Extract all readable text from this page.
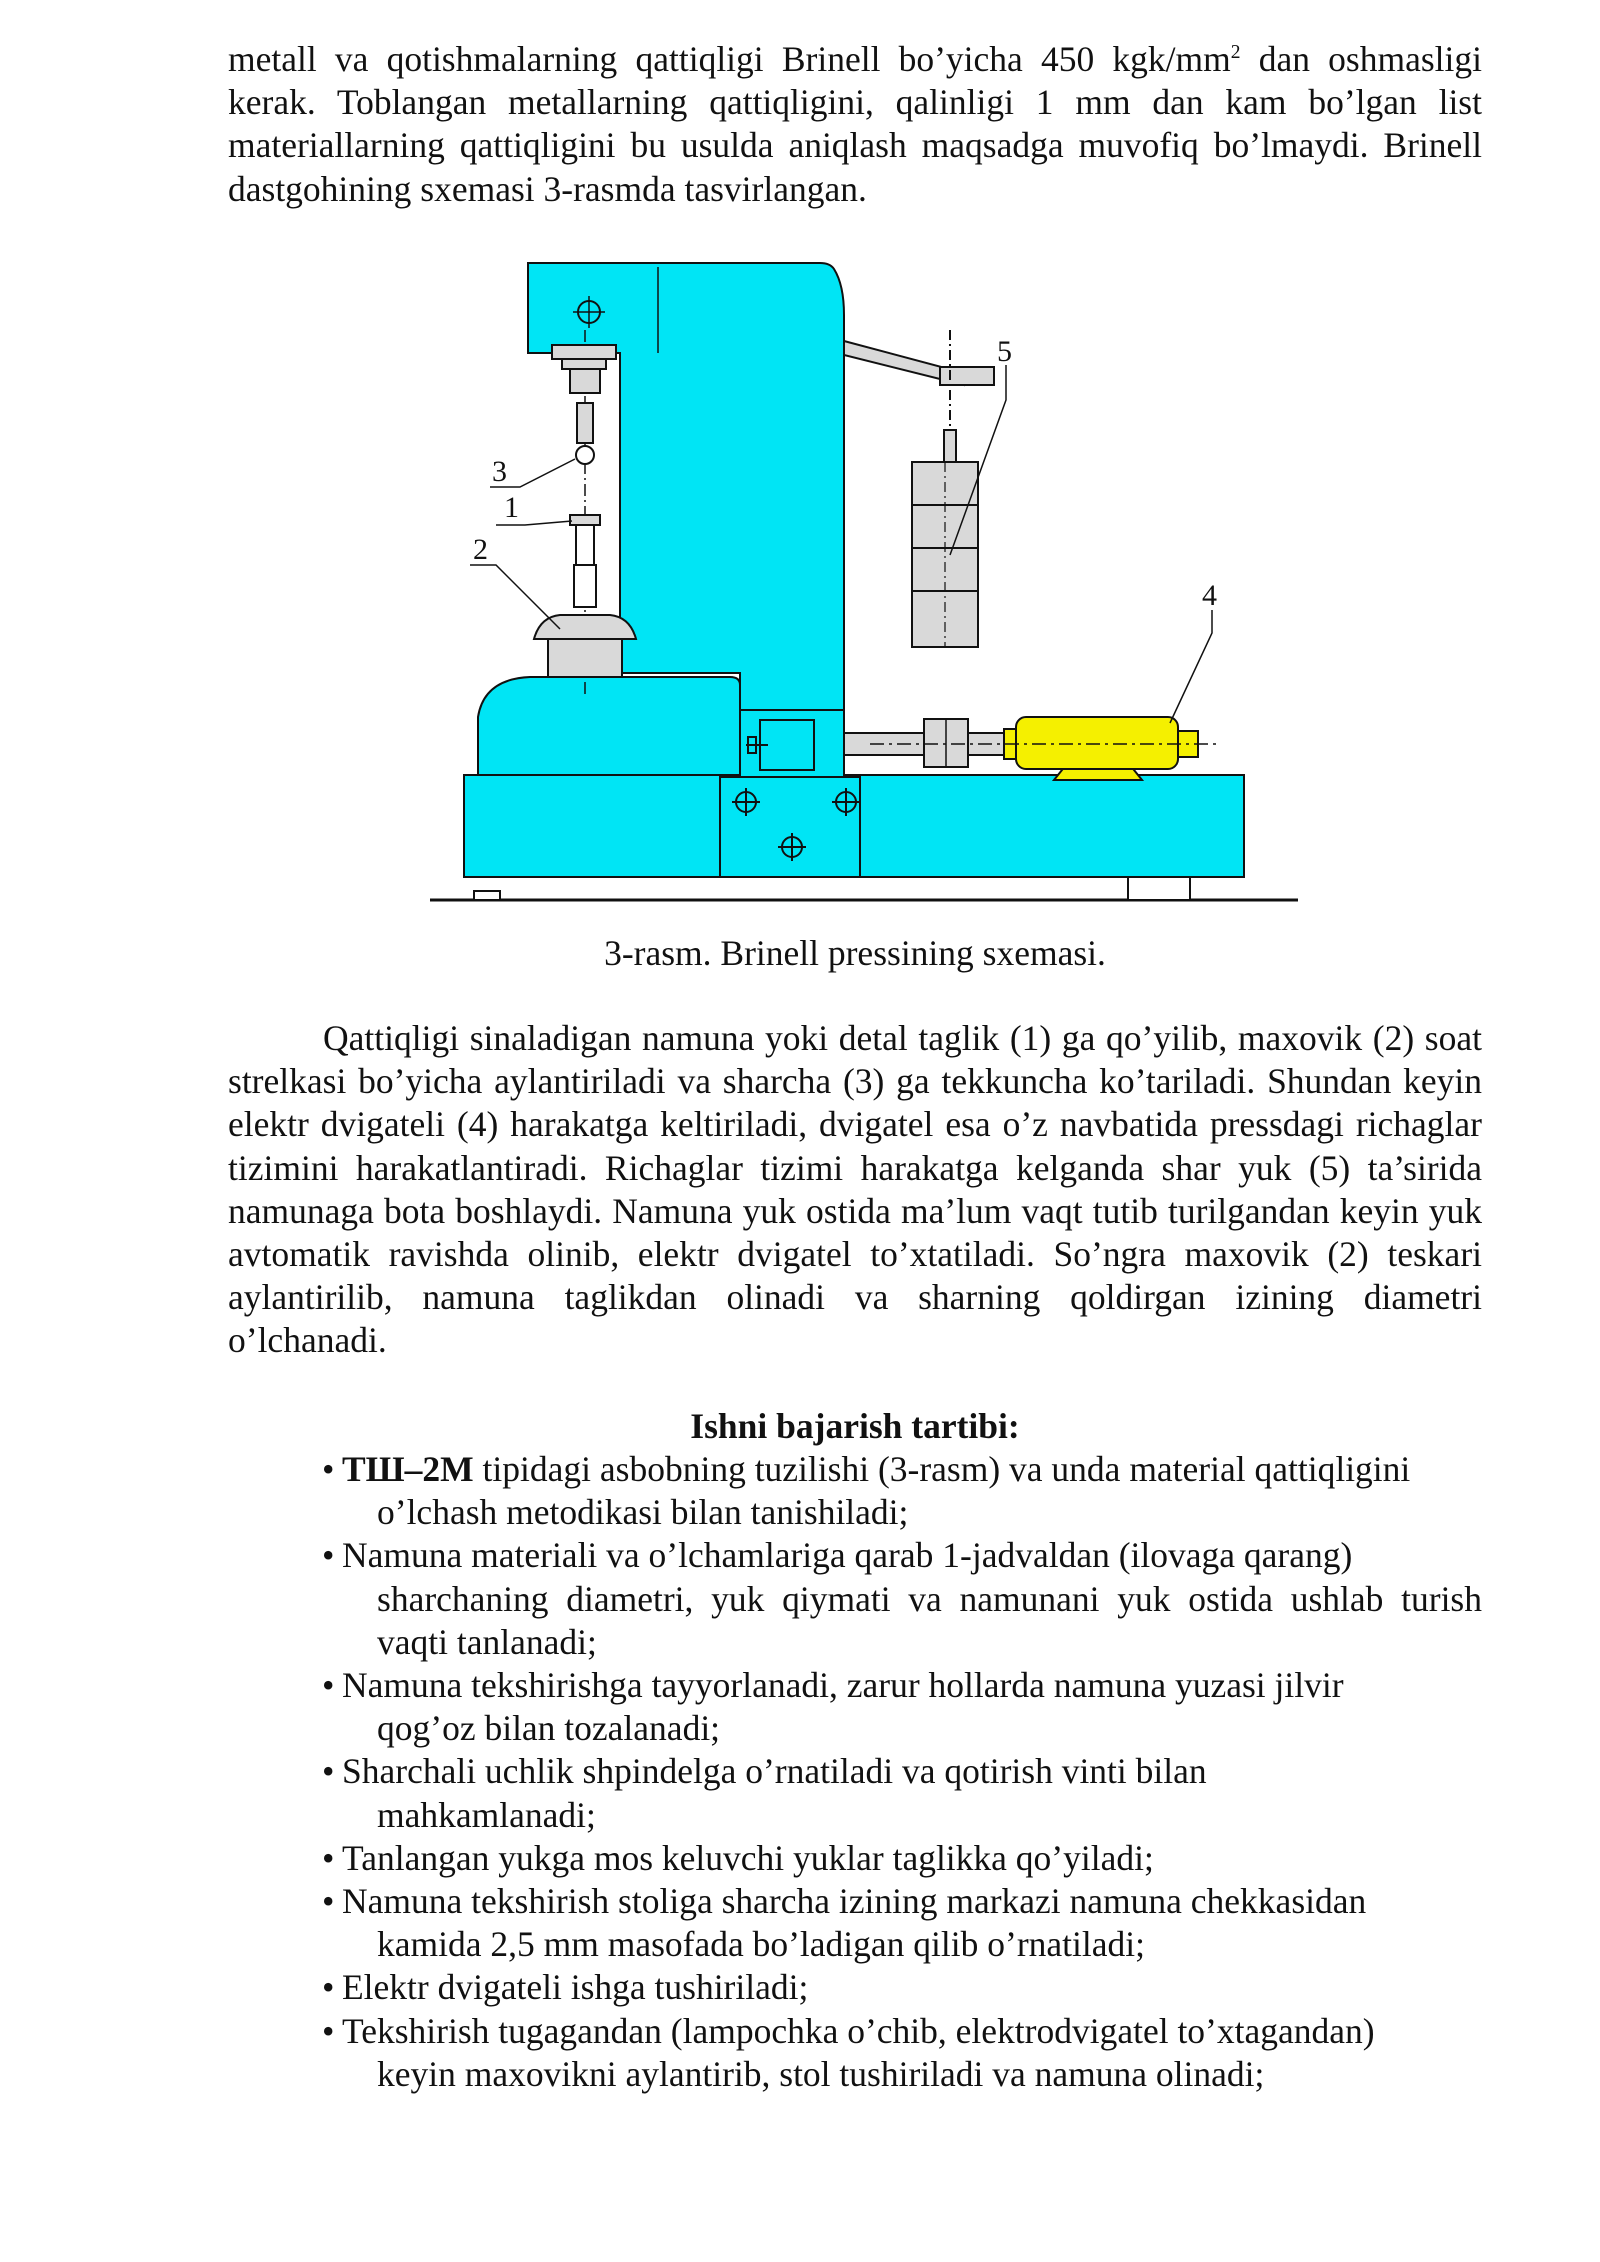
metall va qotishmalarning qattiqligi Brinell bo’yicha 450 kgk/$mm^2$ dan oshmasligi kerak. Toblangan metallarning qattiqligini, qalinligi 1 mm dan kam bo’lgan list materiallarning qattiqligini bu usulda aniqlash maqsadga muvofiq bo’lmaydi. Brinell dastgohining sxemasi 3-rasmda tasvirlangan.

3
1
2
5
4

3-rasm. Brinell pressining sxemasi.

Qattiqligi sinaladigan namuna yoki detal taglik (1) ga qo’yilib, maxovik (2) soat strelkasi bo’yicha aylantiriladi va sharcha (3) ga tekkuncha ko’tariladi. Shundan keyin elektr dvigateli (4) harakatga keltiriladi, dvigatel esa o’z navbatida pressdagi richaglar tizimini harakatlantiradi. Richaglar tizimi harakatga kelganda shar yuk (5) ta’sirida namunaga bota boshlaydi. Namuna yuk ostida ma’lum vaqt tutib turilgandan keyin yuk avtomatik ravishda olinib, elektr dvigatel to’xtatiladi. So’ngra maxovik (2) teskari aylantirilib, namuna taglikdan olinadi va sharning qoldirgan izining diametri o’lchanadi.

Ishni bajarish tartibi:

• ТШ–2М tipidagi asbobning tuzilishi (3-rasm) va unda material qattiqligini
o’lchash metodikasi bilan tanishiladi;
• Namuna materiali va o’lchamlariga qarab 1-jadvaldan (ilovaga qarang)
sharchaning diametri, yuk qiymati va namunani yuk ostida ushlab turish vaqti tanlanadi;
• Namuna tekshirishga tayyorlanadi, zarur hollarda namuna yuzasi jilvir
qog’oz bilan tozalanadi;
• Sharchali uchlik shpindelga o’rnatiladi va qotirish vinti bilan
mahkamlanadi;
• Tanlangan yukga mos keluvchi yuklar taglikka qo’yiladi;
• Namuna tekshirish stoliga sharcha izining markazi namuna chekkasidan
kamida 2,5 mm masofada bo’ladigan qilib o’rnatiladi;
• Elektr dvigateli ishga tushiriladi;
• Tekshirish tugagandan (lampochka o’chib, elektrodvigatel to’xtagandan)
keyin maxovikni aylantirib, stol tushiriladi va namuna olinadi;
